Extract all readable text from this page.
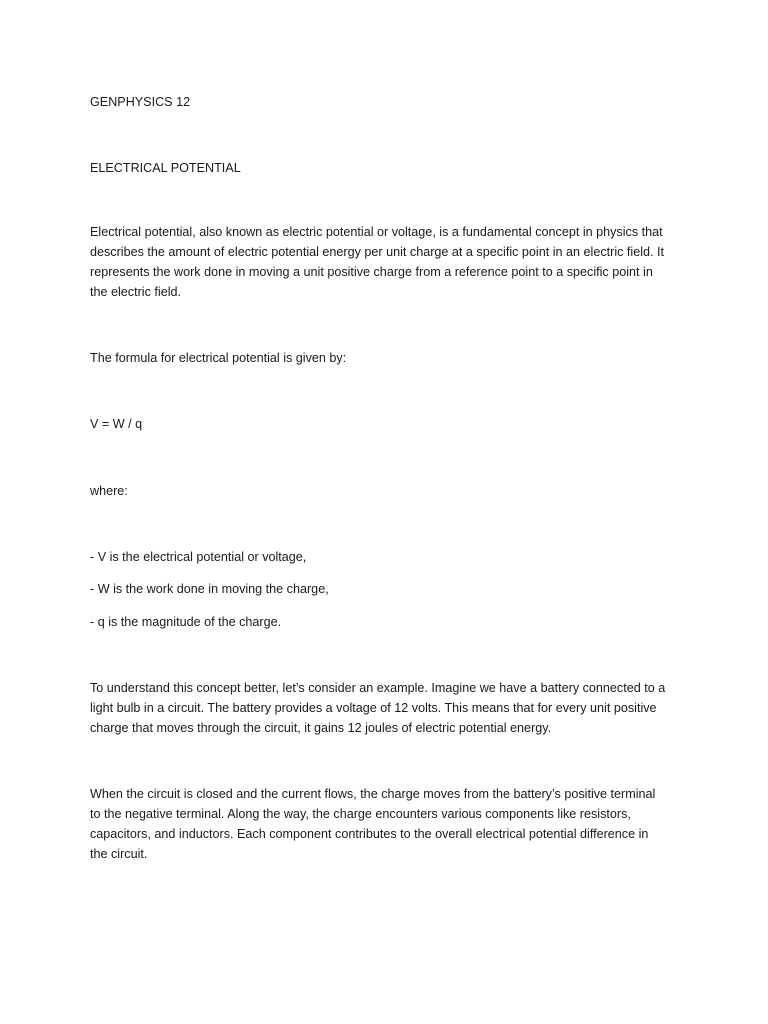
GENPHYSICS 12

ELECTRICAL POTENTIAL

Electrical potential, also known as electric potential or voltage, is a fundamental concept in physics that
describes the amount of electric potential energy per unit charge at a specific point in an electric field. It
represents the work done in moving a unit positive charge from a reference point to a specific point in
the electric field.

The formula for electrical potential is given by:

V = W / q

where:

- V is the electrical potential or voltage,

- W is the work done in moving the charge,

- q is the magnitude of the charge.

To understand this concept better, let’s consider an example. Imagine we have a battery connected to a
light bulb in a circuit. The battery provides a voltage of 12 volts. This means that for every unit positive
charge that moves through the circuit, it gains 12 joules of electric potential energy.
When the circuit is closed and the current flows, the charge moves from the battery’s positive terminal
to the negative terminal. Along the way, the charge encounters various components like resistors,
capacitors, and inductors. Each component contributes to the overall electrical potential difference in
the circuit.
